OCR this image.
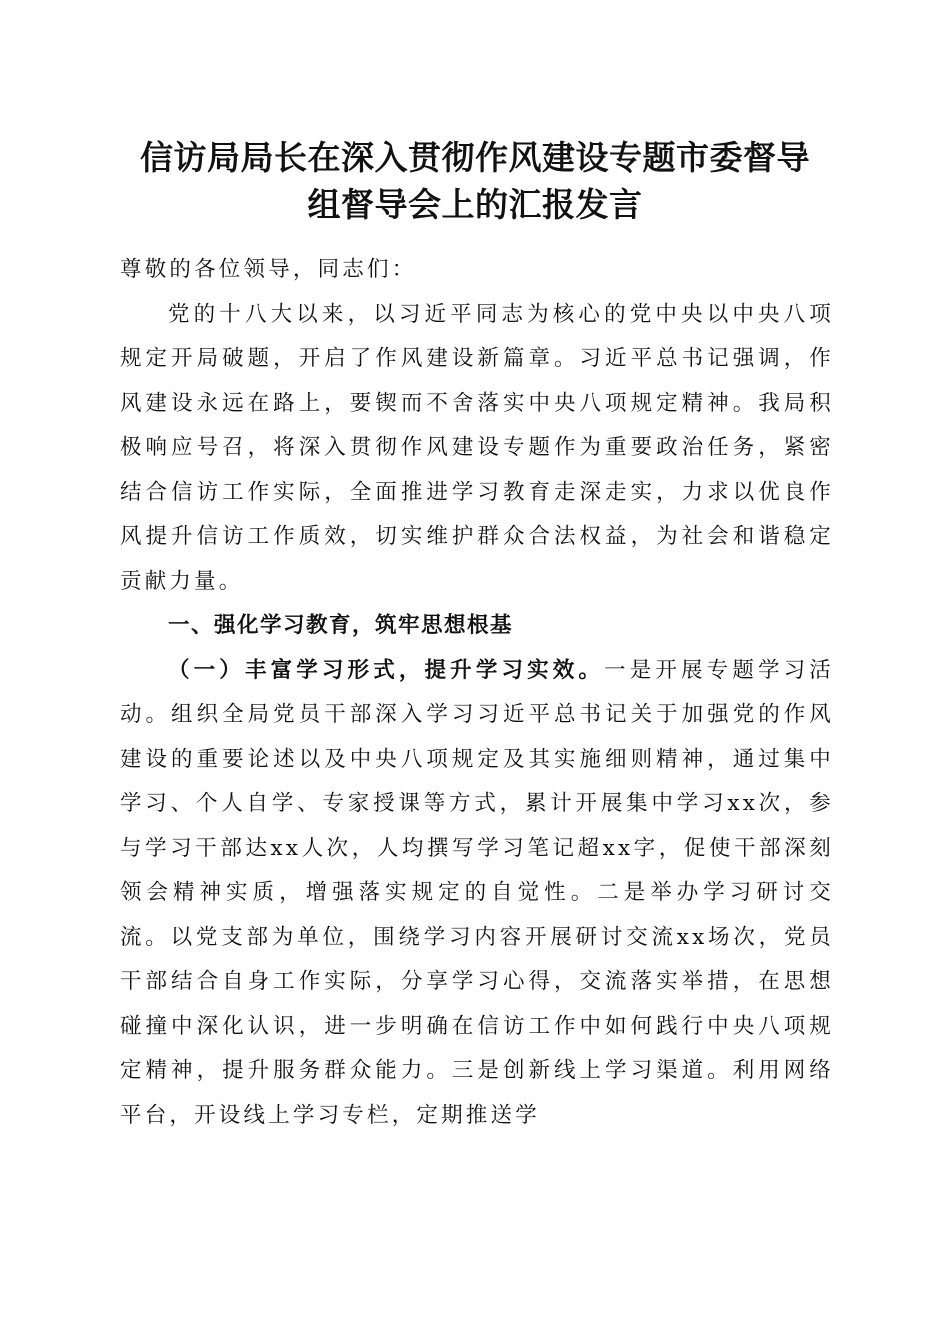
信访局局长在深入贯彻作风建设专题市委督导
组督导会上的汇报发言

尊敬的各位领导，同志们：

党的十八大以来，以习近平同志为核心的党中央以中央八项规定开局破题，开启了作风建设新篇章。习近平总书记强调，作风建设永远在路上，要锲而不舍落实中央八项规定精神。我局积极响应号召，将深入贯彻作风建设专题作为重要政治任务，紧密结合信访工作实际，全面推进学习教育走深走实，力求以优良作风提升信访工作质效，切实维护群众合法权益，为社会和谐稳定贡献力量。

一、强化学习教育，筑牢思想根基

（一）丰富学习形式，提升学习实效。一是开展专题学习活动。组织全局党员干部深入学习习近平总书记关于加强党的作风建设的重要论述以及中央八项规定及其实施细则精神，通过集中学习、个人自学、专家授课等方式，累计开展集中学习xx次，参与学习干部达xx人次，人均撰写学习笔记超xx字，促使干部深刻领会精神实质，增强落实规定的自觉性。二是举办学习研讨交流。以党支部为单位，围绕学习内容开展研讨交流xx场次，党员干部结合自身工作实际，分享学习心得，交流落实举措，在思想碰撞中深化认识，进一步明确在信访工作中如何践行中央八项规定精神，提升服务群众能力。三是创新线上学习渠道。利用网络平台，开设线上学习专栏，定期推送学
